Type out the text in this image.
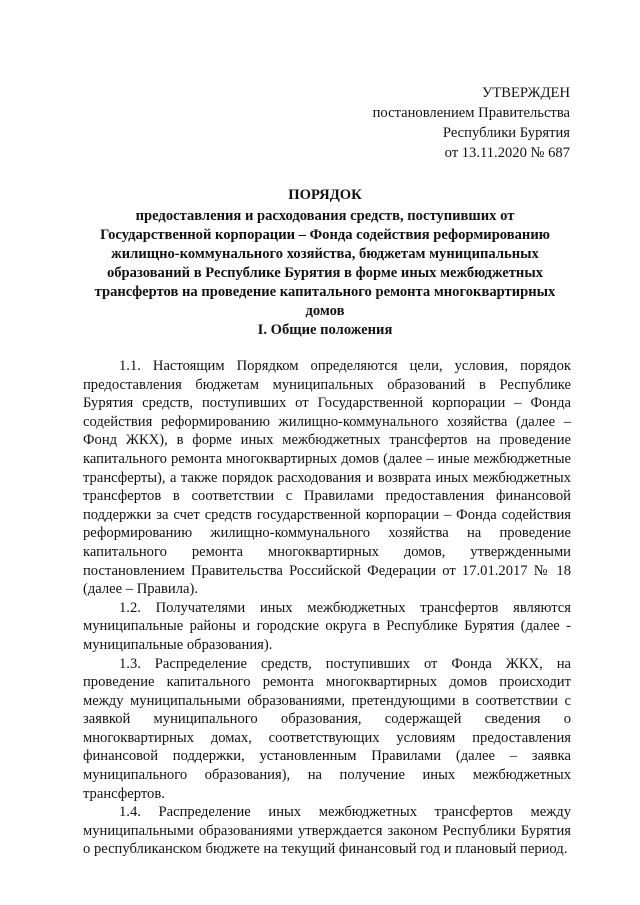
УТВЕРЖДЕН
постановлением Правительства
Республики Бурятия
от 13.11.2020 № 687
ПОРЯДОК
предоставления и расходования средств, поступивших от Государственной корпорации – Фонда содействия реформированию жилищно-коммунального хозяйства, бюджетам муниципальных образований в Республике Бурятия в форме иных межбюджетных трансфертов на проведение капитального ремонта многоквартирных домов
I. Общие положения

1.1. Настоящим Порядком определяются цели, условия, порядок предоставления бюджетам муниципальных образований в Республике Бурятия средств, поступивших от Государственной корпорации – Фонда содействия реформированию жилищно-коммунального хозяйства (далее – Фонд ЖКХ), в форме иных межбюджетных трансфертов на проведение капитального ремонта многоквартирных домов (далее – иные межбюджетные трансферты), а также порядок расходования и возврата иных межбюджетных трансфертов в соответствии с Правилами предоставления финансовой поддержки за счет средств государственной корпорации – Фонда содействия реформированию жилищно-коммунального хозяйства на проведение капитального ремонта многоквартирных домов, утвержденными постановлением Правительства Российской Федерации от 17.01.2017 № 18 (далее – Правила).

1.2. Получателями иных межбюджетных трансфертов являются муниципальные районы и городские округа в Республике Бурятия (далее - муниципальные образования).

1.3. Распределение средств, поступивших от Фонда ЖКХ, на проведение капитального ремонта многоквартирных домов происходит между муниципальными образованиями, претендующими в соответствии с заявкой муниципального образования, содержащей сведения о многоквартирных домах, соответствующих условиям предоставления финансовой поддержки, установленным Правилами (далее – заявка муниципального образования), на получение иных межбюджетных трансфертов.

1.4. Распределение иных межбюджетных трансфертов между муниципальными образованиями утверждается законом Республики Бурятия о республиканском бюджете на текущий финансовый год и плановый период.
